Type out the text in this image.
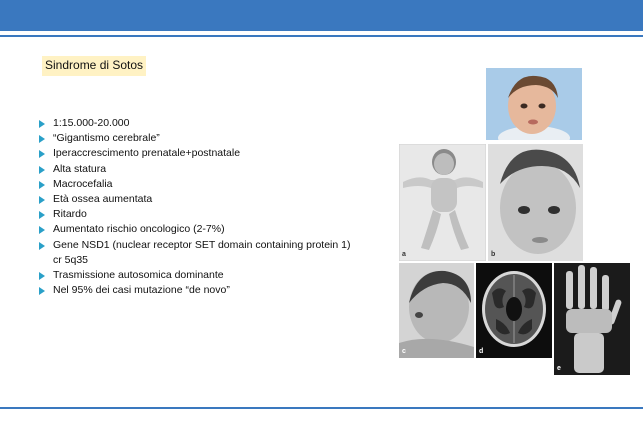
Sindrome di Sotos
1:15.000-20.000
“Gigantismo cerebrale”
Iperaccrescimento prenatale+postnatale
Alta statura
Macrocefalia
Età ossea aumentata
Ritardo
Aumentato rischio oncologico (2-7%)
Gene NSD1 (nuclear receptor SET domain containing protein 1)
cr 5q35
Trasmissione autosomica dominante
Nel 95% dei casi mutazione “de novo”
a	b
c	d
e
